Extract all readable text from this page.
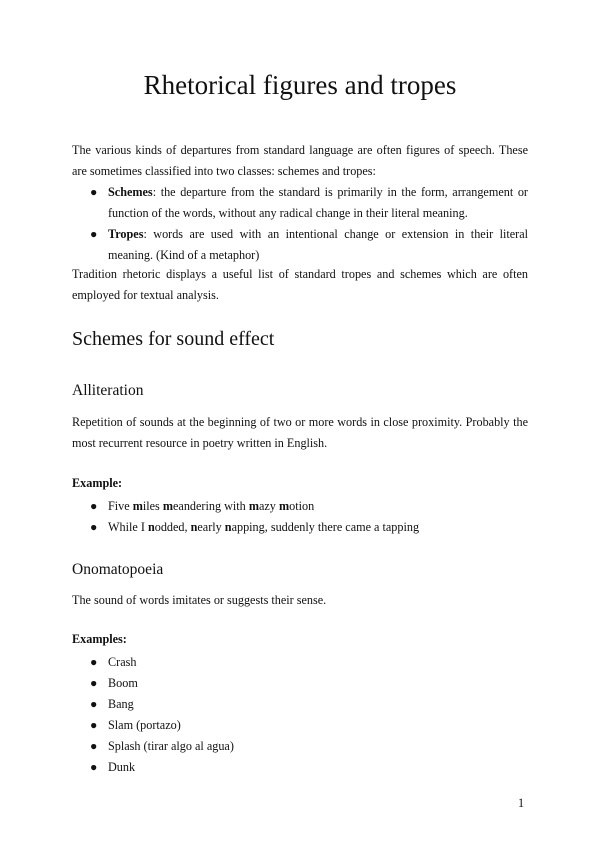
Rhetorical figures and tropes

The various kinds of departures from standard language are often figures of speech. These are sometimes classified into two classes: schemes and tropes:

● Schemes: the departure from the standard is primarily in the form, arrangement or function of the words, without any radical change in their literal meaning.
● Tropes: words are used with an intentional change or extension in their literal meaning. (Kind of a metaphor)

Tradition rhetoric displays a useful list of standard tropes and schemes which are often employed for textual analysis.

Schemes for sound effect
Alliteration

Repetition of sounds at the beginning of two or more words in close proximity. Probably the most recurrent resource in poetry written in English.

Example:

● Five miles meandering with mazy motion
● While I nodded, nearly napping, suddenly there came a tapping
Onomatopoeia

The sound of words imitates or suggests their sense.

Examples:

● Crash
● Boom
● Bang
● Slam (portazo)
● Splash (tirar algo al agua)
● Dunk
1
